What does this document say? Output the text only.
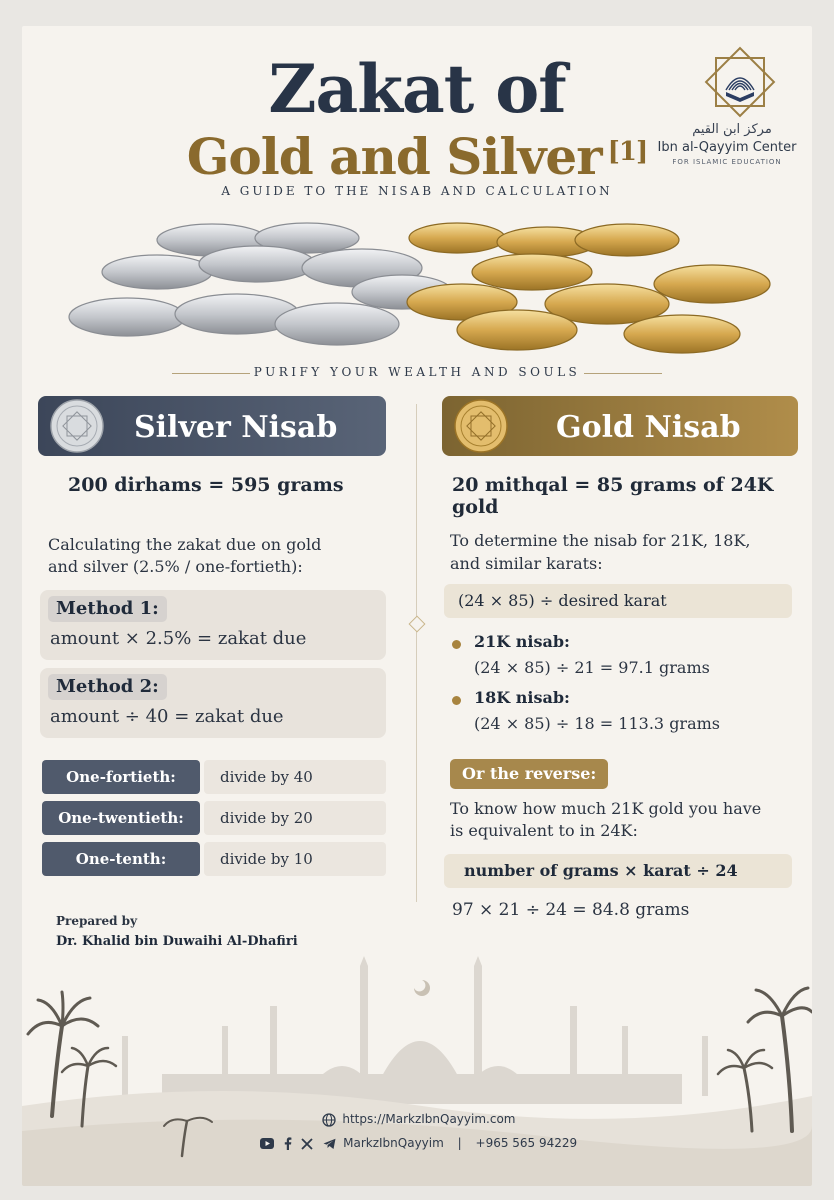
Zakat of
Gold and Silver [1]
A GUIDE TO THE NISAB AND CALCULATION
مركز ابن القيم
Ibn al-Qayyim Center
FOR ISLAMIC EDUCATION
PURIFY YOUR WEALTH AND SOULS
Silver Nisab
200 dirhams = 595 grams
Calculating the zakat due on gold
and silver (2.5% / one-fortieth):
Method 1:
amount × 2.5% = zakat due
Method 2:
amount ÷ 40 = zakat due
One-fortieth:	divide by 40
One-twentieth:	divide by 20
One-tenth:	divide by 10
Gold Nisab
20 mithqal = 85 grams of 24K gold
To determine the nisab for 21K, 18K,
and similar karats:
(24 × 85) ÷ desired karat
21K nisab:
(24 × 85) ÷ 21 = 97.1 grams
18K nisab:
(24 × 85) ÷ 18 = 113.3 grams
Or the reverse:
To know how much 21K gold you have
is equivalent to in 24K:
number of grams × karat ÷ 24
97 × 21 ÷ 24 = 84.8 grams
Prepared by
Dr. Khalid bin Duwaihi Al-Dhafiri
https://MarkzIbnQayyim.com
MarkzIbnQayyim | +965 565 94229
